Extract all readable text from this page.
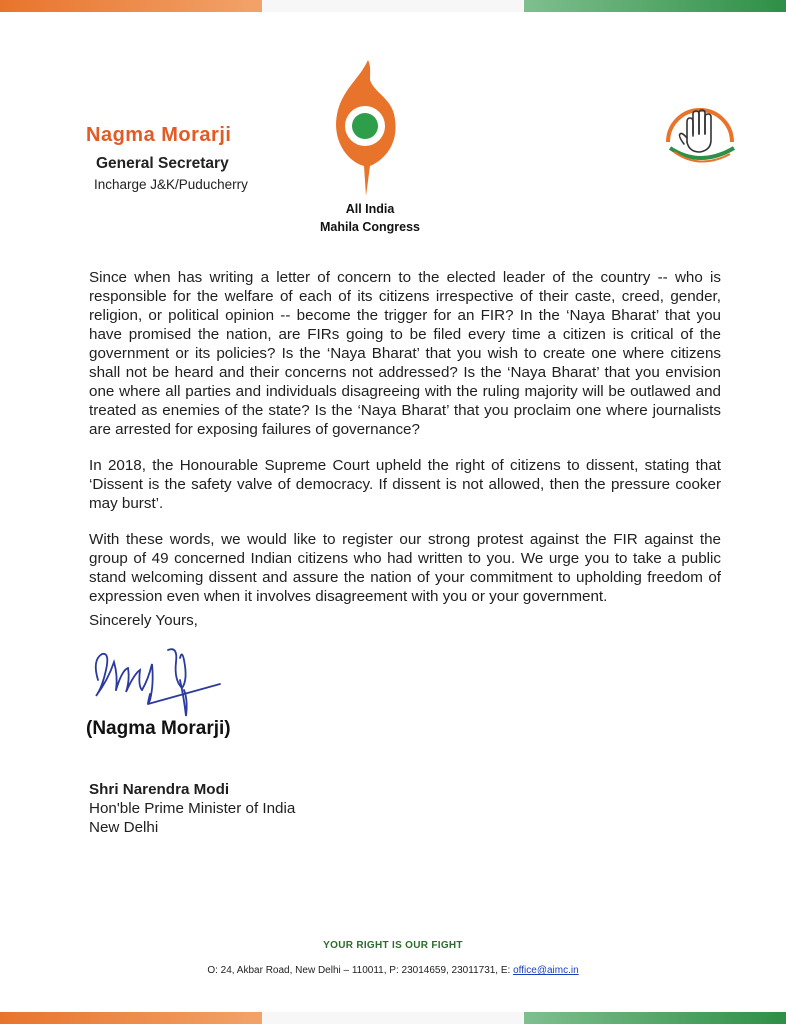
Nagma Morarji

General Secretary

Incharge J&K/Puducherry

All India
Mahila Congress

Since when has writing a letter of concern to the elected leader of the country -- who is responsible for the welfare of each of its citizens irrespective of their caste, creed, gender, religion, or political opinion -- become the trigger for an FIR? In the ‘Naya Bharat’ that you have promised the nation, are FIRs going to be filed every time a citizen is critical of the government or its policies? Is the ‘Naya Bharat’ that you wish to create one where citizens shall not be heard and their concerns not addressed? Is the ‘Naya Bharat’ that you envision one where all parties and individuals disagreeing with the ruling majority will be outlawed and treated as enemies of the state? Is the ‘Naya Bharat’ that you proclaim one where journalists are arrested for exposing failures of governance?

In 2018, the Honourable Supreme Court upheld the right of citizens to dissent, stating that ‘Dissent is the safety valve of democracy. If dissent is not allowed, then the pressure cooker may burst’.

With these words, we would like to register our strong protest against the FIR against the group of 49 concerned Indian citizens who had written to you. We urge you to take a public stand welcoming dissent and assure the nation of your commitment to upholding freedom of expression even when it involves disagreement with you or your government.

Sincerely Yours,
(Nagma Morarji)
Shri Narendra Modi
Hon'ble Prime Minister of India
New Delhi
YOUR RIGHT IS OUR FIGHT
O: 24, Akbar Road, New Delhi – 110011, P: 23014659, 23011731, E: office@aimc.in
